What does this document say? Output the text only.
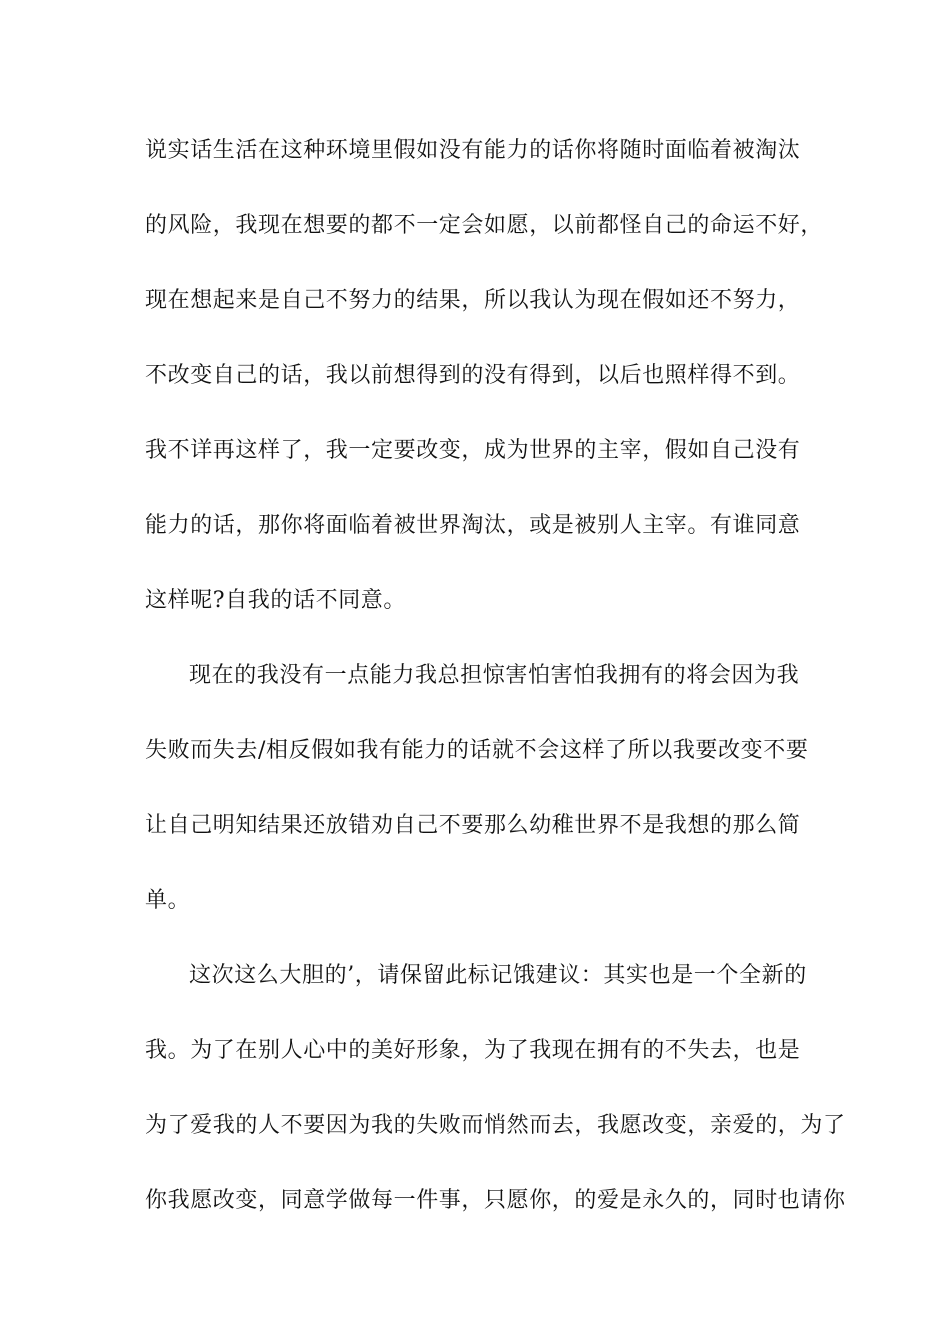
说实话生活在这种环境里假如没有能力的话你将随时面临着被淘汰
的风险，我现在想要的都不一定会如愿，以前都怪自己的命运不好，
现在想起来是自己不努力的结果，所以我认为现在假如还不努力，
不改变自己的话，我以前想得到的没有得到，以后也照样得不到。
我不详再这样了，我一定要改变，成为世界的主宰，假如自己没有
能力的话，那你将面临着被世界淘汰，或是被别人主宰。有谁同意
这样呢?自我的话不同意。
现在的我没有一点能力我总担惊害怕害怕我拥有的将会因为我
失败而失去/相反假如我有能力的话就不会这样了所以我要改变不要
让自己明知结果还放错劝自己不要那么幼稚世界不是我想的那么简
单。
这次这么大胆的’，请保留此标记饿建议：其实也是一个全新的
我。为了在别人心中的美好形象，为了我现在拥有的不失去，也是
为了爱我的人不要因为我的失败而悄然而去，我愿改变，亲爱的，为了
你我愿改变，同意学做每一件事，只愿你，的爱是永久的，同时也请你
